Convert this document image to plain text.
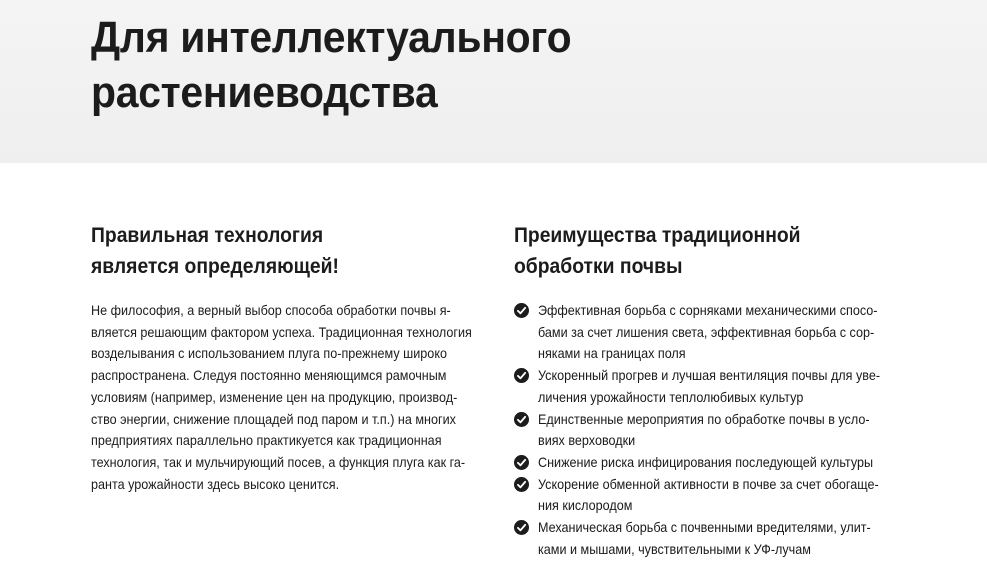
Для интеллектуального
растениеводства
Правильная технология
является определяющей!

Не философия, а верный выбор способа обработки почвы я-
вляется решающим фактором успеха. Традиционная технология
возделывания с использованием плуга по-прежнему широко
распространена. Следуя постоянно меняющимся рамочным
условиям (например, изменение цен на продукцию, производ-
ство энергии, снижение площадей под паром и т.п.) на многих
предприятиях параллельно практикуется как традиционная
технология, так и мульчирующий посев, а функция плуга как га-
ранта урожайности здесь высоко ценится.

Преимущества традиционной
обработки почвы
Эффективная борьба с сорняками механическими спосо-
бами за счет лишения света, эффективная борьба с сор-
няками на границах поля
Ускоренный прогрев и лучшая вентиляция почвы для уве-
личения урожайности теплолюбивых культур
Единственные мероприятия по обработке почвы в усло-
виях верховодки
Снижение риска инфицирования последующей культуры
Ускорение обменной активности в почве за счет обогаще-
ния кислородом
Механическая борьба с почвенными вредителями, улит-
ками и мышами, чувствительными к УФ-лучам
